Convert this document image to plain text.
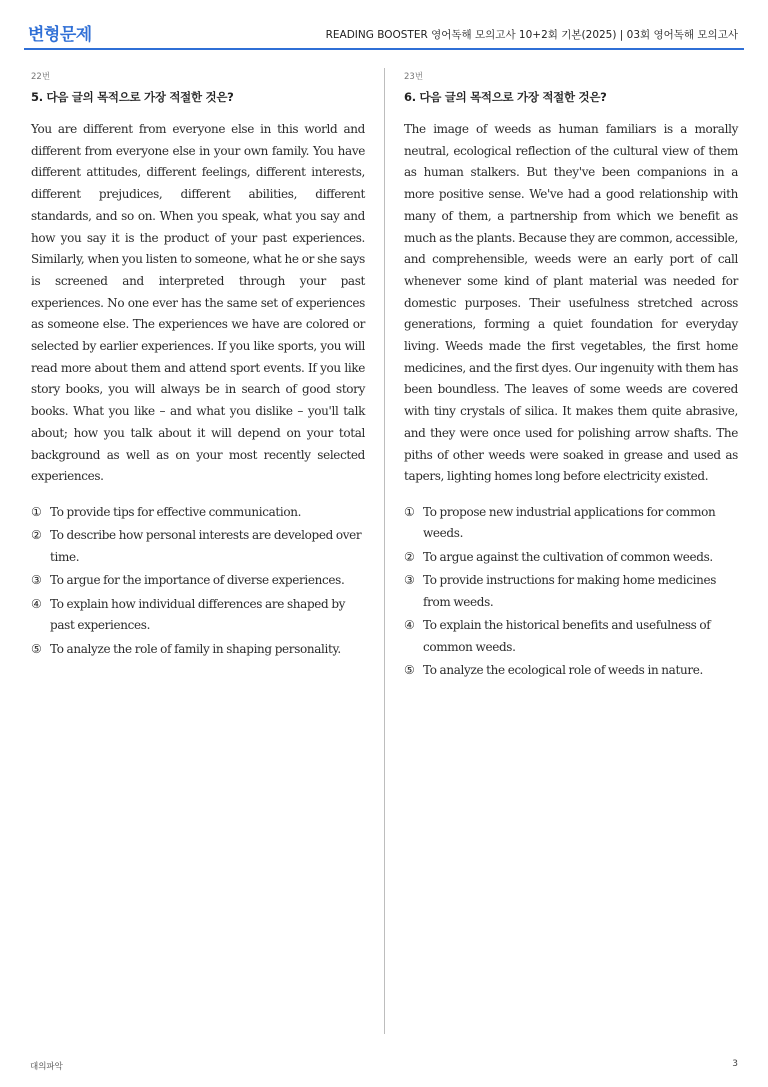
변형문제	READING BOOSTER 영어독해 모의고사 10+2회 기본(2025) | 03회 영어독해 모의고사
22번
5. 다음 글의 목적으로 가장 적절한 것은?
You are different from everyone else in this world and different from everyone else in your own family. You have different attitudes, different feelings, different interests, different prejudices, different abilities, different standards, and so on. When you speak, what you say and how you say it is the product of your past experiences. Similarly, when you listen to someone, what he or she says is screened and interpreted through your past experiences. No one ever has the same set of experiences as someone else. The experiences we have are colored or selected by earlier experiences. If you like sports, you will read more about them and attend sport events. If you like story books, you will always be in search of good story books. What you like – and what you dislike – you'll talk about; how you talk about it will depend on your total background as well as on your most recently selected experiences.
① To provide tips for effective communication.
② To describe how personal interests are developed over time.
③ To argue for the importance of diverse experiences.
④ To explain how individual differences are shaped by past experiences.
⑤ To analyze the role of family in shaping personality.
23번
6. 다음 글의 목적으로 가장 적절한 것은?
The image of weeds as human familiars is a morally neutral, ecological reflection of the cultural view of them as human stalkers. But they've been companions in a more positive sense. We've had a good relationship with many of them, a partnership from which we benefit as much as the plants. Because they are common, accessible, and comprehensible, weeds were an early port of call whenever some kind of plant material was needed for domestic purposes. Their usefulness stretched across generations, forming a quiet foundation for everyday living. Weeds made the first vegetables, the first home medicines, and the first dyes. Our ingenuity with them has been boundless. The leaves of some weeds are covered with tiny crystals of silica. It makes them quite abrasive, and they were once used for polishing arrow shafts. The piths of other weeds were soaked in grease and used as tapers, lighting homes long before electricity existed.
① To propose new industrial applications for common weeds.
② To argue against the cultivation of common weeds.
③ To provide instructions for making home medicines from weeds.
④ To explain the historical benefits and usefulness of common weeds.
⑤ To analyze the ecological role of weeds in nature.
대의파악	3
